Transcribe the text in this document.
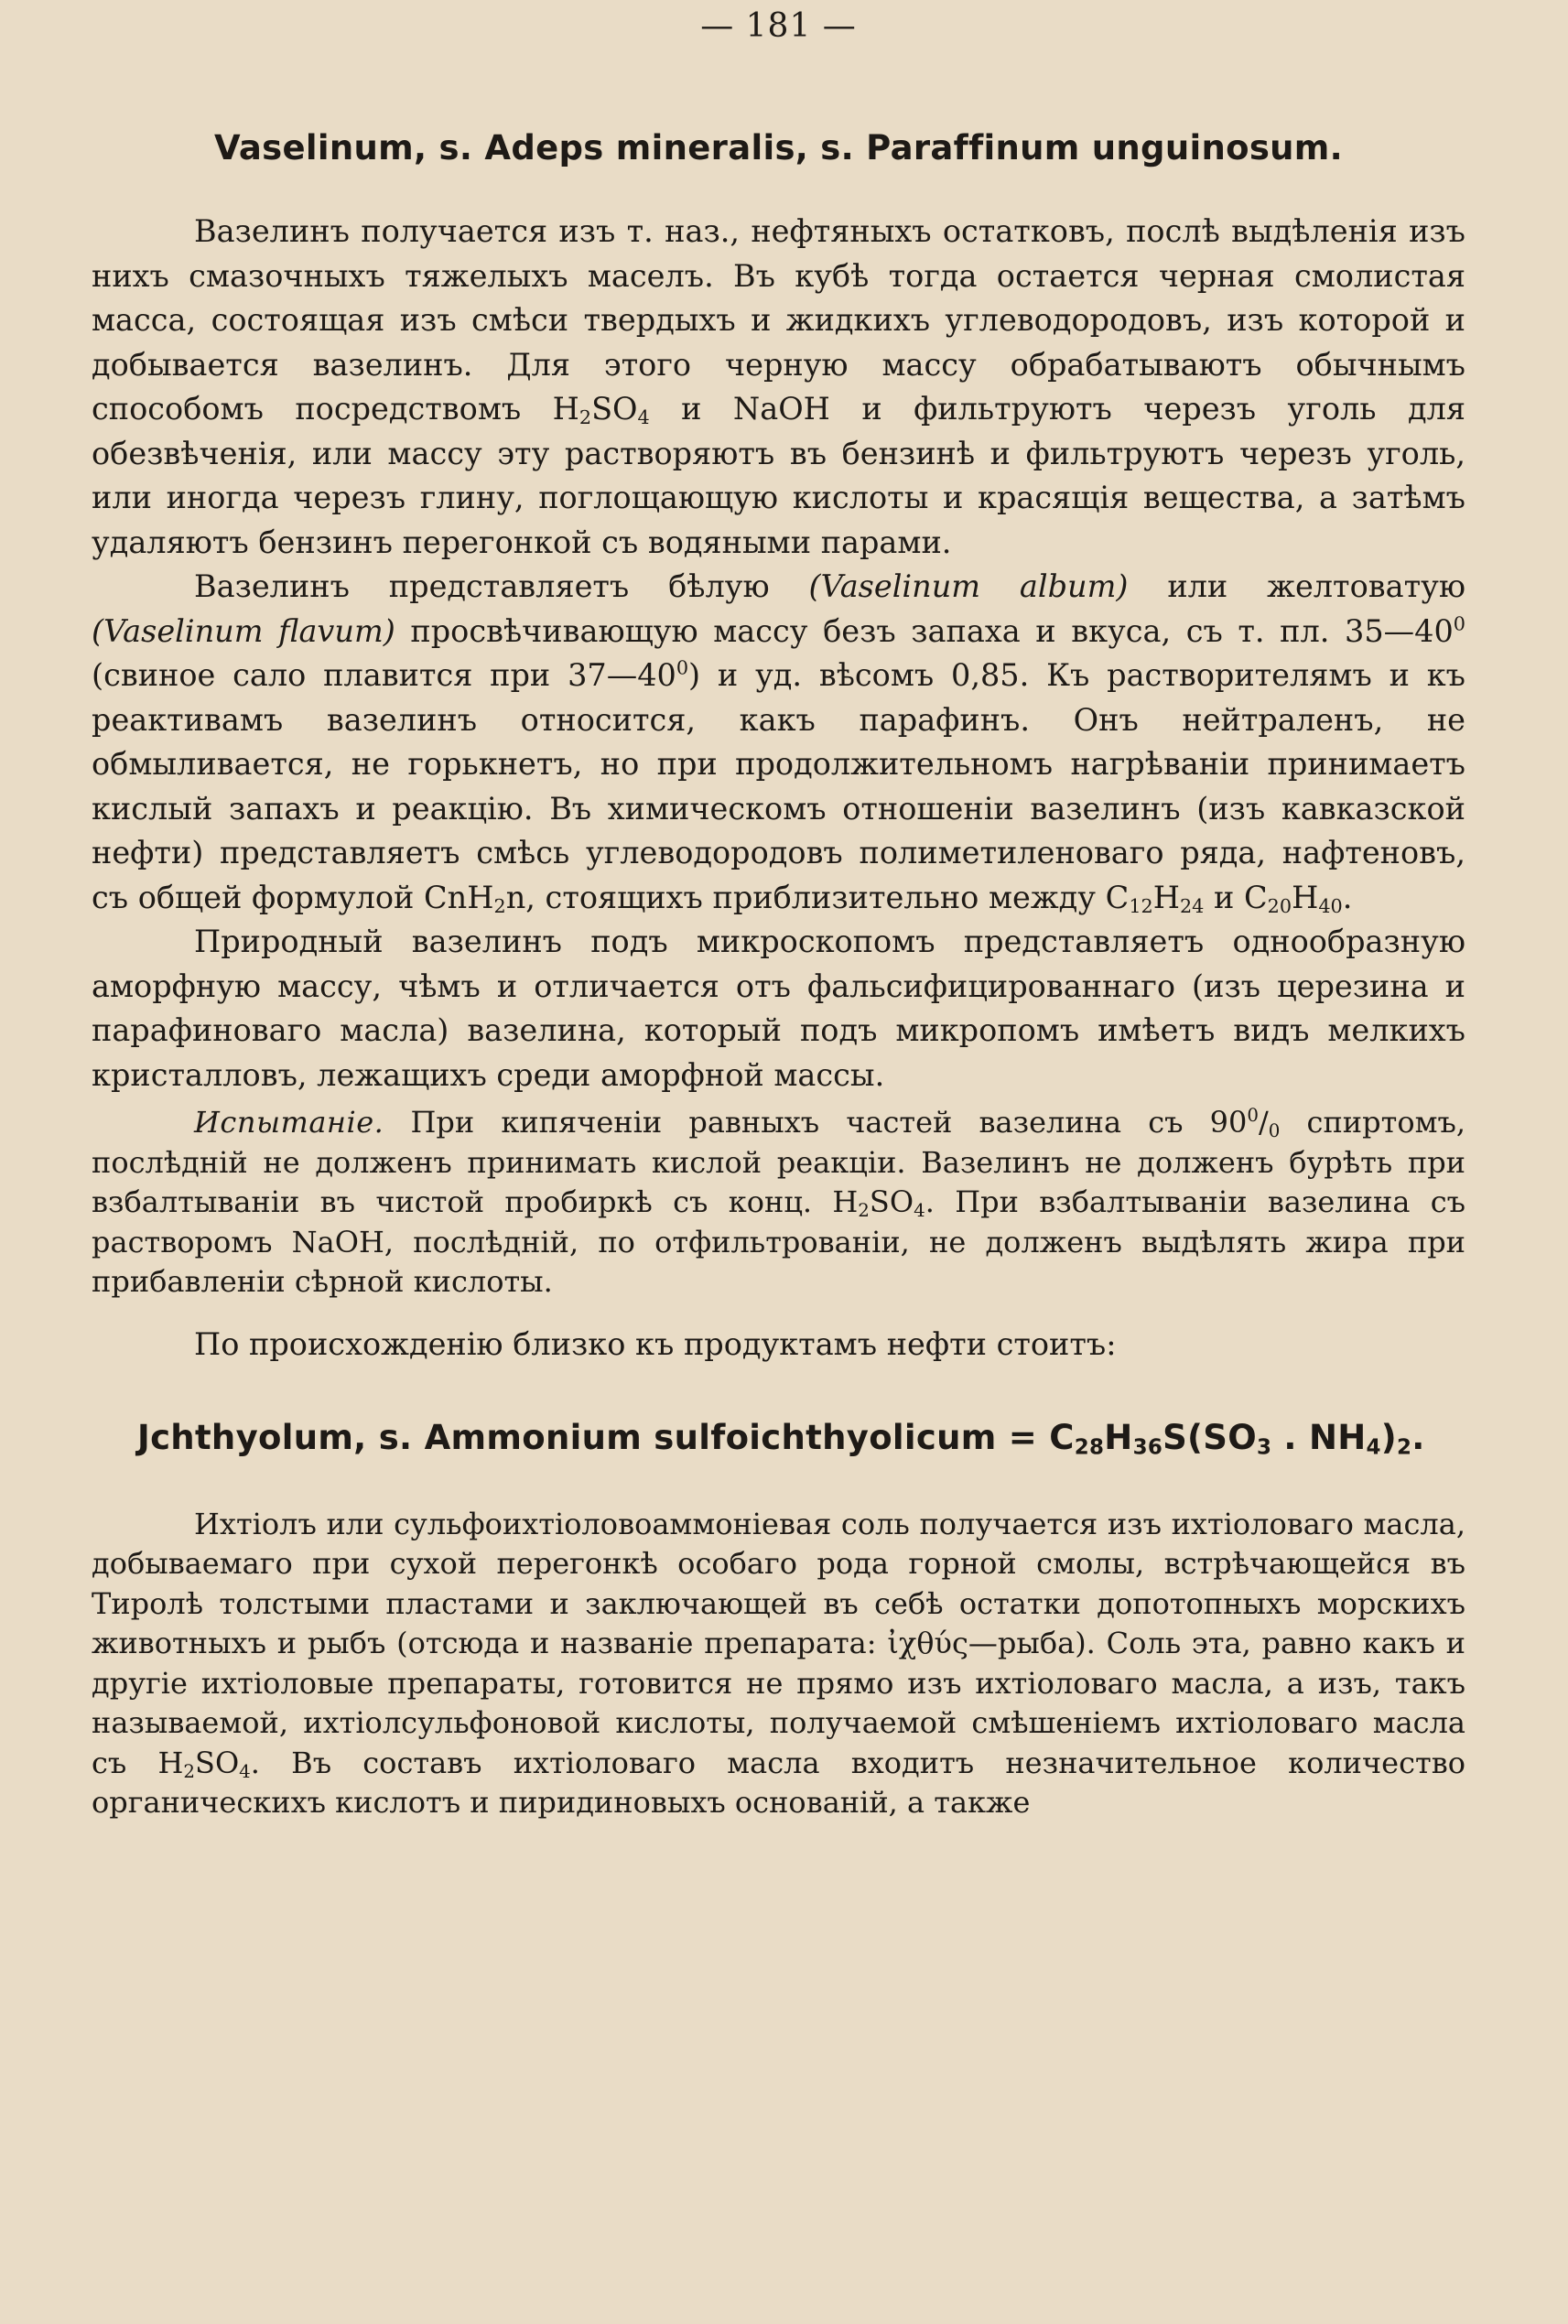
— 181 —
Vaselinum, s. Adeps mineralis, s. Paraffinum unguinosum.

Вазелинъ получается изъ т. наз., нефтяныхъ остатковъ, послѣ выдѣленія изъ нихъ смазочныхъ тяжелыхъ маселъ. Въ кубѣ тогда остается черная смолистая масса, состоящая изъ смѣси твердыхъ и жидкихъ углеводородовъ, изъ которой и добывается вазелинъ. Для этого черную массу обрабатываютъ обычнымъ способомъ посредствомъ $H_2SO_4$ и NaOH и фильтруютъ черезъ уголь для обезвѣченія, или массу эту растворяютъ въ бензинѣ и фильтруютъ черезъ уголь, или иногда черезъ глину, поглощающую кислоты и красящія вещества, а затѣмъ удаляютъ бензинъ перегонкой съ водяными парами.

Вазелинъ представляетъ бѣлую (Vaselinum album) или желтоватую (Vaselinum flavum) просвѣчивающую массу безъ запаха и вкуса, съ т. пл. $35—40^0$ (свиное сало плавится при $37—40^0$) и уд. вѣсомъ 0,85. Къ растворителямъ и къ реактивамъ вазелинъ относится, какъ парафинъ. Онъ нейтраленъ, не обмыливается, не горькнетъ, но при продолжительномъ нагрѣваніи принимаетъ кислый запахъ и реакцію. Въ химическомъ отношеніи вазелинъ (изъ кавказской нефти) представляетъ смѣсь углеводородовъ полиметиленоваго ряда, нафтеновъ, съ общей формулой CnH$_2$n, стоящихъ приблизительно между $C_{12}H_{24}$ и $C_{20}H_{40}$.

Природный вазелинъ подъ микроскопомъ представляетъ однообразную аморфную массу, чѣмъ и отличается отъ фальсифицированнаго (изъ церезина и парафиноваго масла) вазелина, который подъ микропомъ имѣетъ видъ мелкихъ кристалловъ, лежащихъ среди аморфной массы.

Испытаніе. При кипяченіи равныхъ частей вазелина съ $90^0/_0$ спиртомъ, послѣдній не долженъ принимать кислой реакціи. Вазелинъ не долженъ бурѣть при взбалтываніи въ чистой пробиркѣ съ конц. $H_2SO_4$. При взбалтываніи вазелина съ растворомъ NaOH, послѣдній, по отфильтрованіи, не долженъ выдѣлять жира при прибавленіи сѣрной кислоты.

По происхожденію близко къ продуктамъ нефти стоитъ:

Jchthyolum, s. Ammonium sulfoichthyolicum = $C_{28}H_{36}S(SO_3$ . $NH_4)_2$.

Ихтіолъ или сульфоихтіоловоаммоніевая соль получается изъ ихтіоловаго масла, добываемаго при сухой перегонкѣ особаго рода горной смолы, встрѣчающейся въ Тиролѣ толстыми пластами и заключающей въ себѣ остатки допотопныхъ морскихъ животныхъ и рыбъ (отсюда и названіе препарата: ἰχθύς—рыба). Соль эта, равно какъ и другіе ихтіоловые препараты, готовится не прямо изъ ихтіоловаго масла, а изъ, такъ называемой, ихтіолсульфоновой кислоты, получаемой смѣшеніемъ ихтіоловаго масла съ $H_2SO_4$. Въ составъ ихтіоловаго масла входитъ незначительное количество органическихъ кислотъ и пиридиновыхъ основаній, а также
